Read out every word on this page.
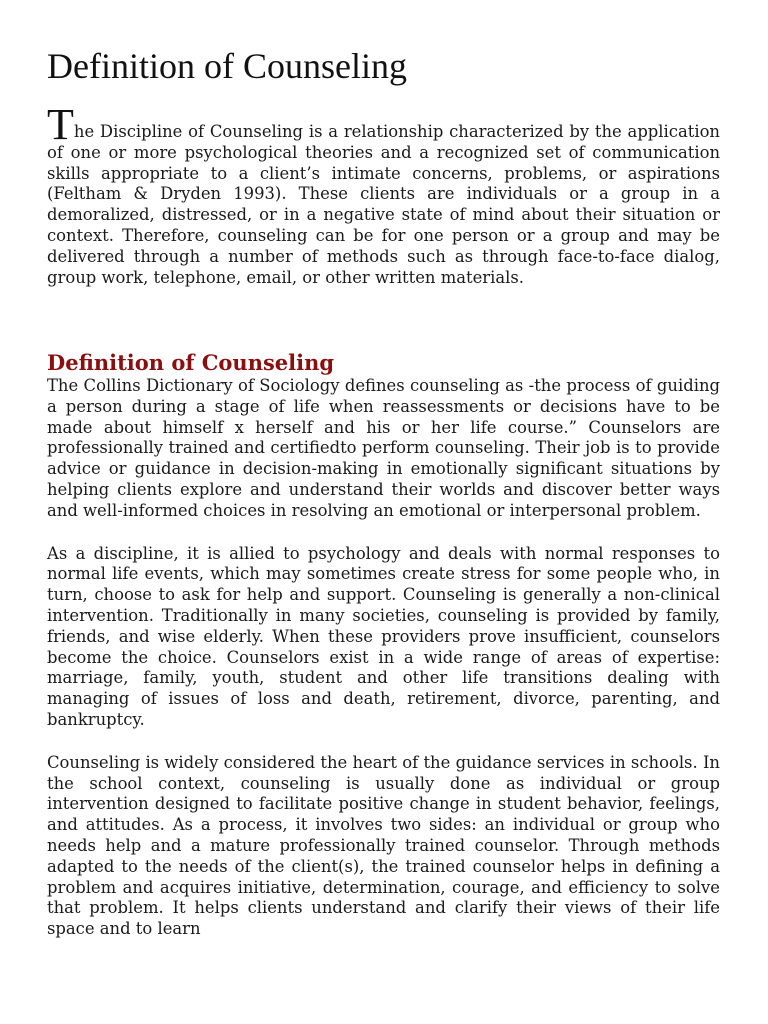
Definition of Counseling

The Discipline of Counseling is a relationship characterized by the application of one or more psychological theories and a recognized set of communication skills appropriate to a client’s intimate concerns, problems, or aspirations (Feltham & Dryden 1993). These clients are individuals or a group in a demoralized, distressed, or in a negative state of mind about their situation or context. Therefore, counseling can be for one person or a group and may be delivered through a number of methods such as through face-to-face dialog, group work, telephone, email, or other written materials.

Definition of Counseling

The Collins Dictionary of Sociology defines counseling as -the process of guiding a person during a stage of life when reassessments or decisions have to be made about himself x herself and his or her life course.” Counselors are professionally trained and certifiedto perform counseling. Their job is to provide advice or guidance in decision-making in emotionally significant situations by helping clients explore and understand their worlds and discover better ways and well-informed choices in resolving an emotional or interpersonal problem.

As a discipline, it is allied to psychology and deals with normal responses to normal life events, which may sometimes create stress for some people who, in turn, choose to ask for help and support. Counseling is generally a non-clinical intervention. Traditionally in many societies, counseling is provided by family, friends, and wise elderly. When these providers prove insufficient, counselors become the choice. Counselors exist in a wide range of areas of expertise: marriage, family, youth, student and other life transitions dealing with managing of issues of loss and death, retirement, divorce, parenting, and bankruptcy.

Counseling is widely considered the heart of the guidance services in schools. In the school context, counseling is usually done as individual or group intervention designed to facilitate positive change in student behavior, feelings, and attitudes. As a process, it involves two sides: an individual or group who needs help and a mature professionally trained counselor. Through methods adapted to the needs of the client(s), the trained counselor helps in defining a problem and acquires initiative, determination, courage, and efficiency to solve that problem. It helps clients understand and clarify their views of their life space and to learn
